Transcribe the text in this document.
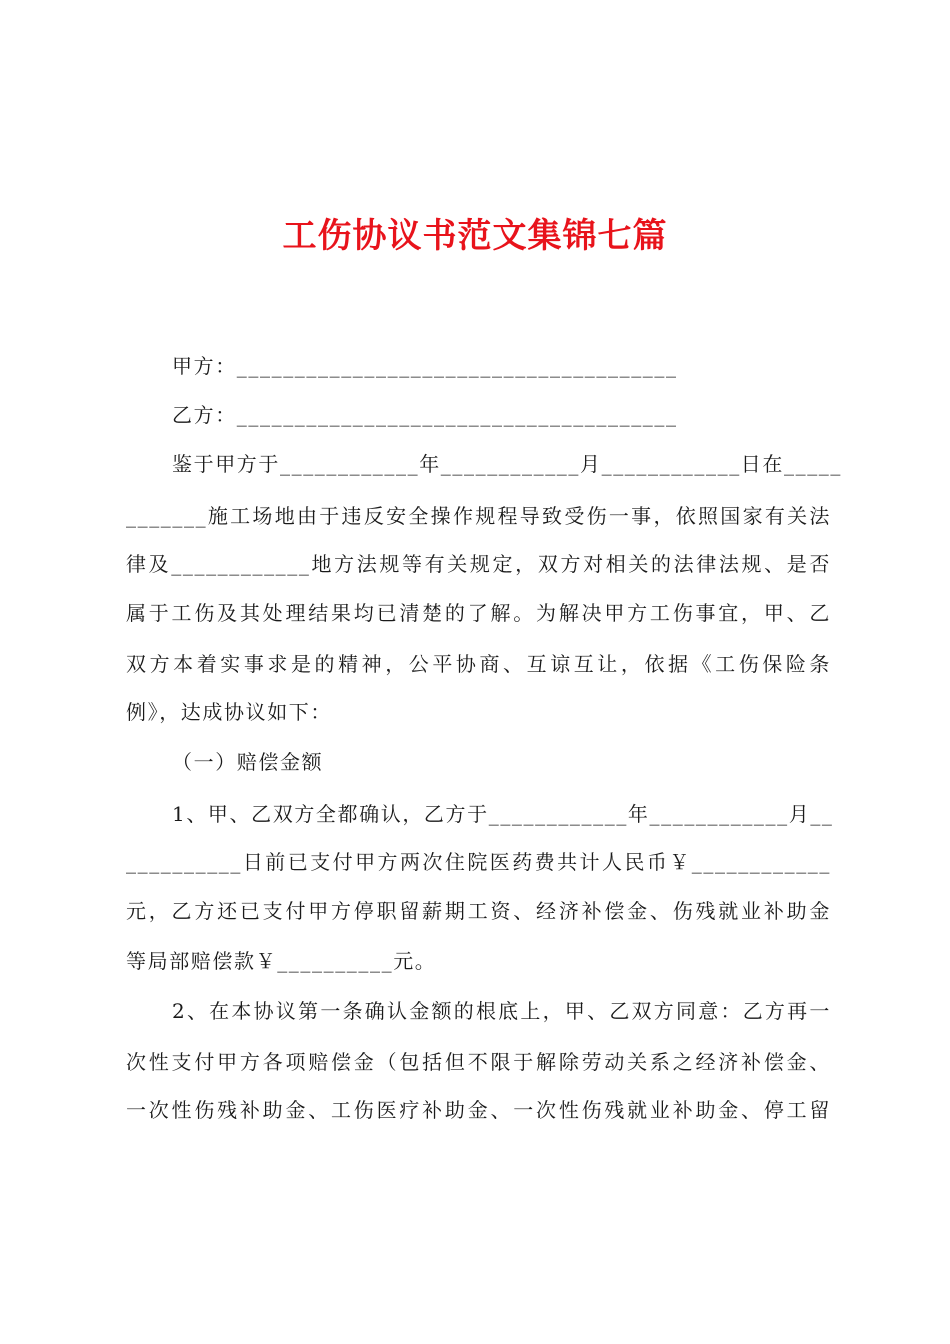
工伤协议书范文集锦七篇
甲方：______________________________________
乙方：______________________________________
鉴于甲方于____________年____________月____________日在_____
_______施工场地由于违反安全操作规程导致受伤一事，依照国家有关法
律及____________地方法规等有关规定，双方对相关的法律法规、是否
属于工伤及其处理结果均已清楚的了解。为解决甲方工伤事宜，甲、乙
双方本着实事求是的精神，公平协商、互谅互让，依据《工伤保险条
例》，达成协议如下：
（一）赔偿金额
1、甲、乙双方全都确认，乙方于____________年____________月__
__________日前已支付甲方两次住院医药费共计人民币￥____________
元，乙方还已支付甲方停职留薪期工资、经济补偿金、伤残就业补助金
等局部赔偿款￥__________元。
2、在本协议第一条确认金额的根底上，甲、乙双方同意：乙方再一
次性支付甲方各项赔偿金（包括但不限于解除劳动关系之经济补偿金、
一次性伤残补助金、工伤医疗补助金、一次性伤残就业补助金、停工留
